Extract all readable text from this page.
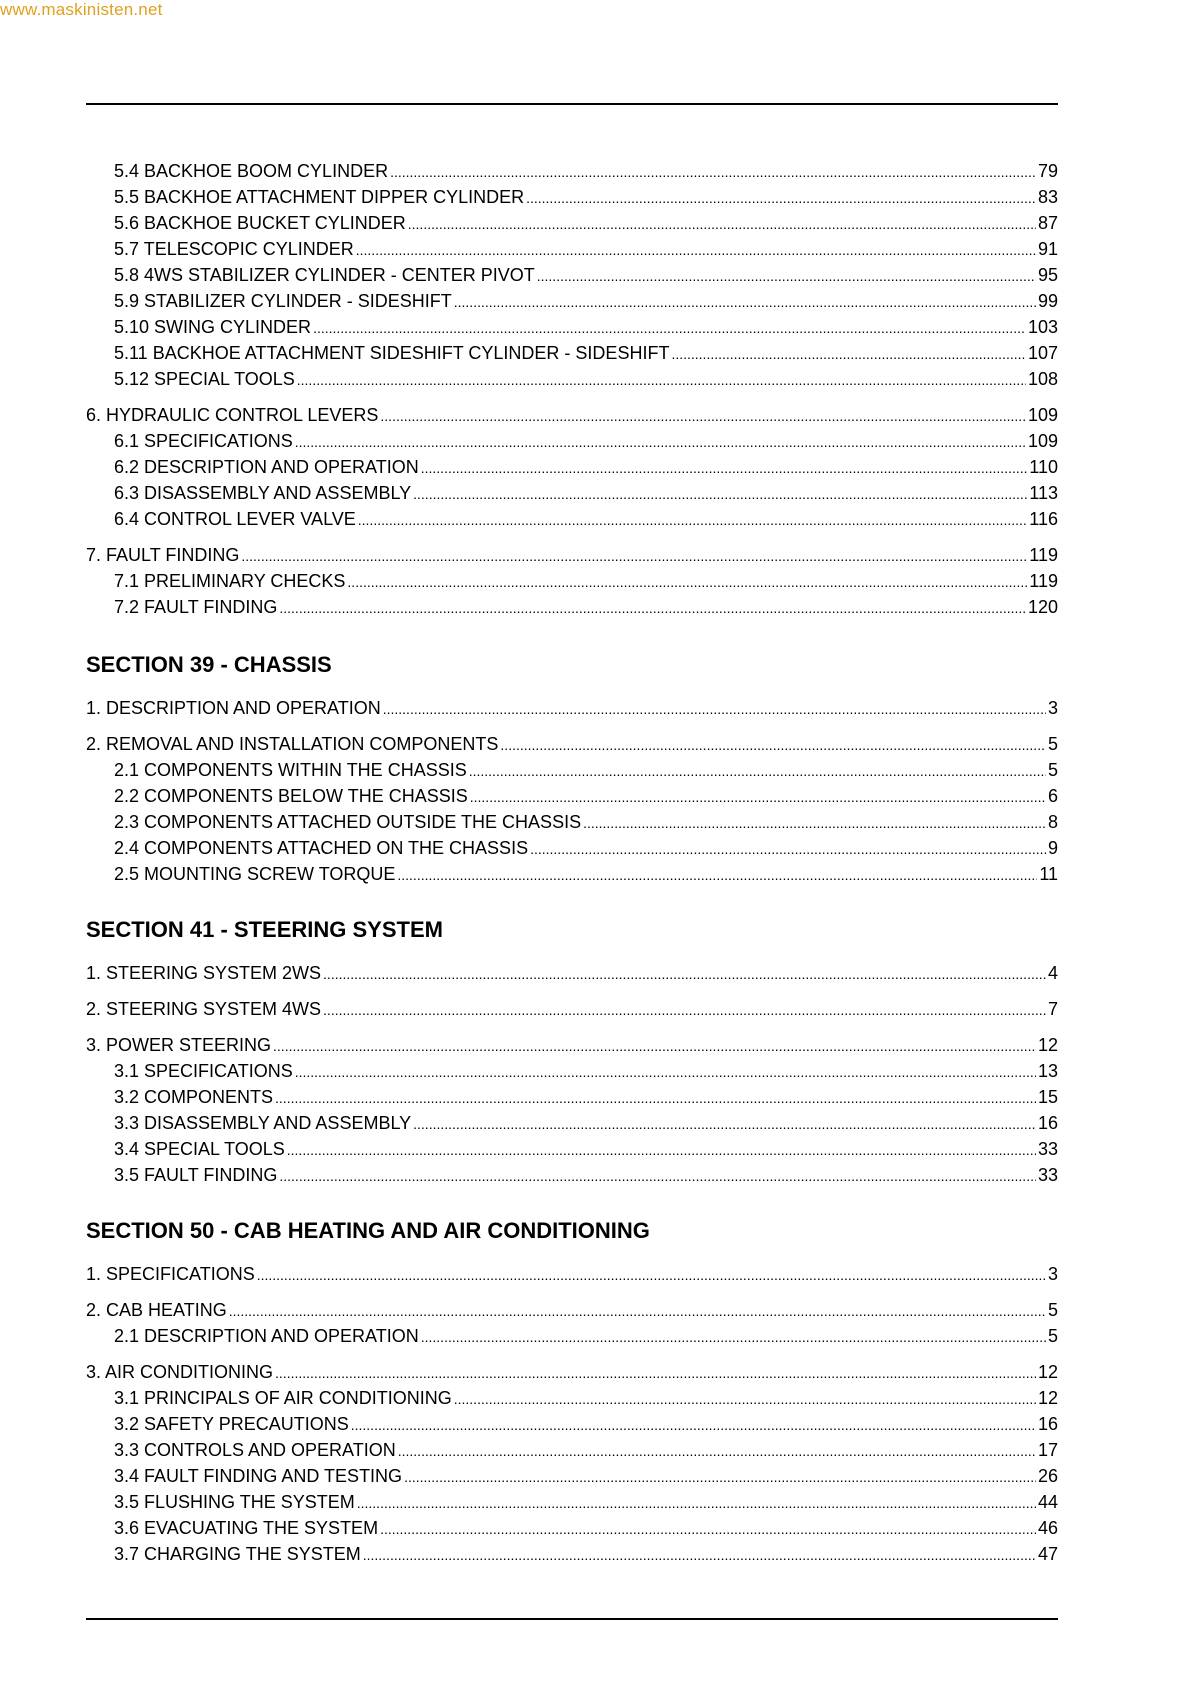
www.maskinisten.net
5.4 BACKHOE BOOM CYLINDER .....	79
5.5 BACKHOE ATTACHMENT DIPPER CYLINDER .....	83
5.6 BACKHOE BUCKET CYLINDER .....	87
5.7 TELESCOPIC CYLINDER .....	91
5.8 4WS STABILIZER CYLINDER - CENTER PIVOT .....	95
5.9 STABILIZER CYLINDER - SIDESHIFT .....	99
5.10 SWING CYLINDER .....	103
5.11 BACKHOE ATTACHMENT SIDESHIFT CYLINDER - SIDESHIFT .....	107
5.12 SPECIAL TOOLS .....	108
6. HYDRAULIC CONTROL LEVERS .....	109
6.1 SPECIFICATIONS .....	109
6.2 DESCRIPTION AND OPERATION .....	110
6.3 DISASSEMBLY AND ASSEMBLY .....	113
6.4 CONTROL LEVER VALVE .....	116
7. FAULT FINDING .....	119
7.1 PRELIMINARY CHECKS .....	119
7.2 FAULT FINDING .....	120
SECTION 39 - CHASSIS
1. DESCRIPTION AND OPERATION .....	3
2. REMOVAL AND INSTALLATION COMPONENTS .....	5
2.1 COMPONENTS WITHIN THE CHASSIS .....	5
2.2 COMPONENTS BELOW THE CHASSIS .....	6
2.3 COMPONENTS ATTACHED OUTSIDE THE CHASSIS .....	8
2.4 COMPONENTS ATTACHED ON THE CHASSIS .....	9
2.5 MOUNTING SCREW TORQUE .....	11
SECTION 41 - STEERING SYSTEM
1. STEERING SYSTEM 2WS .....	4
2. STEERING SYSTEM 4WS .....	7
3. POWER STEERING .....	12
3.1 SPECIFICATIONS .....	13
3.2 COMPONENTS .....	15
3.3 DISASSEMBLY AND ASSEMBLY .....	16
3.4 SPECIAL TOOLS .....	33
3.5 FAULT FINDING .....	33
SECTION 50 - CAB HEATING AND AIR CONDITIONING
1. SPECIFICATIONS .....	3
2. CAB HEATING .....	5
2.1 DESCRIPTION AND OPERATION .....	5
3. AIR CONDITIONING .....	12
3.1 PRINCIPALS OF AIR CONDITIONING .....	12
3.2 SAFETY PRECAUTIONS .....	16
3.3 CONTROLS AND OPERATION .....	17
3.4 FAULT FINDING AND TESTING .....	26
3.5 FLUSHING THE SYSTEM .....	44
3.6 EVACUATING THE SYSTEM .....	46
3.7 CHARGING THE SYSTEM .....	47
